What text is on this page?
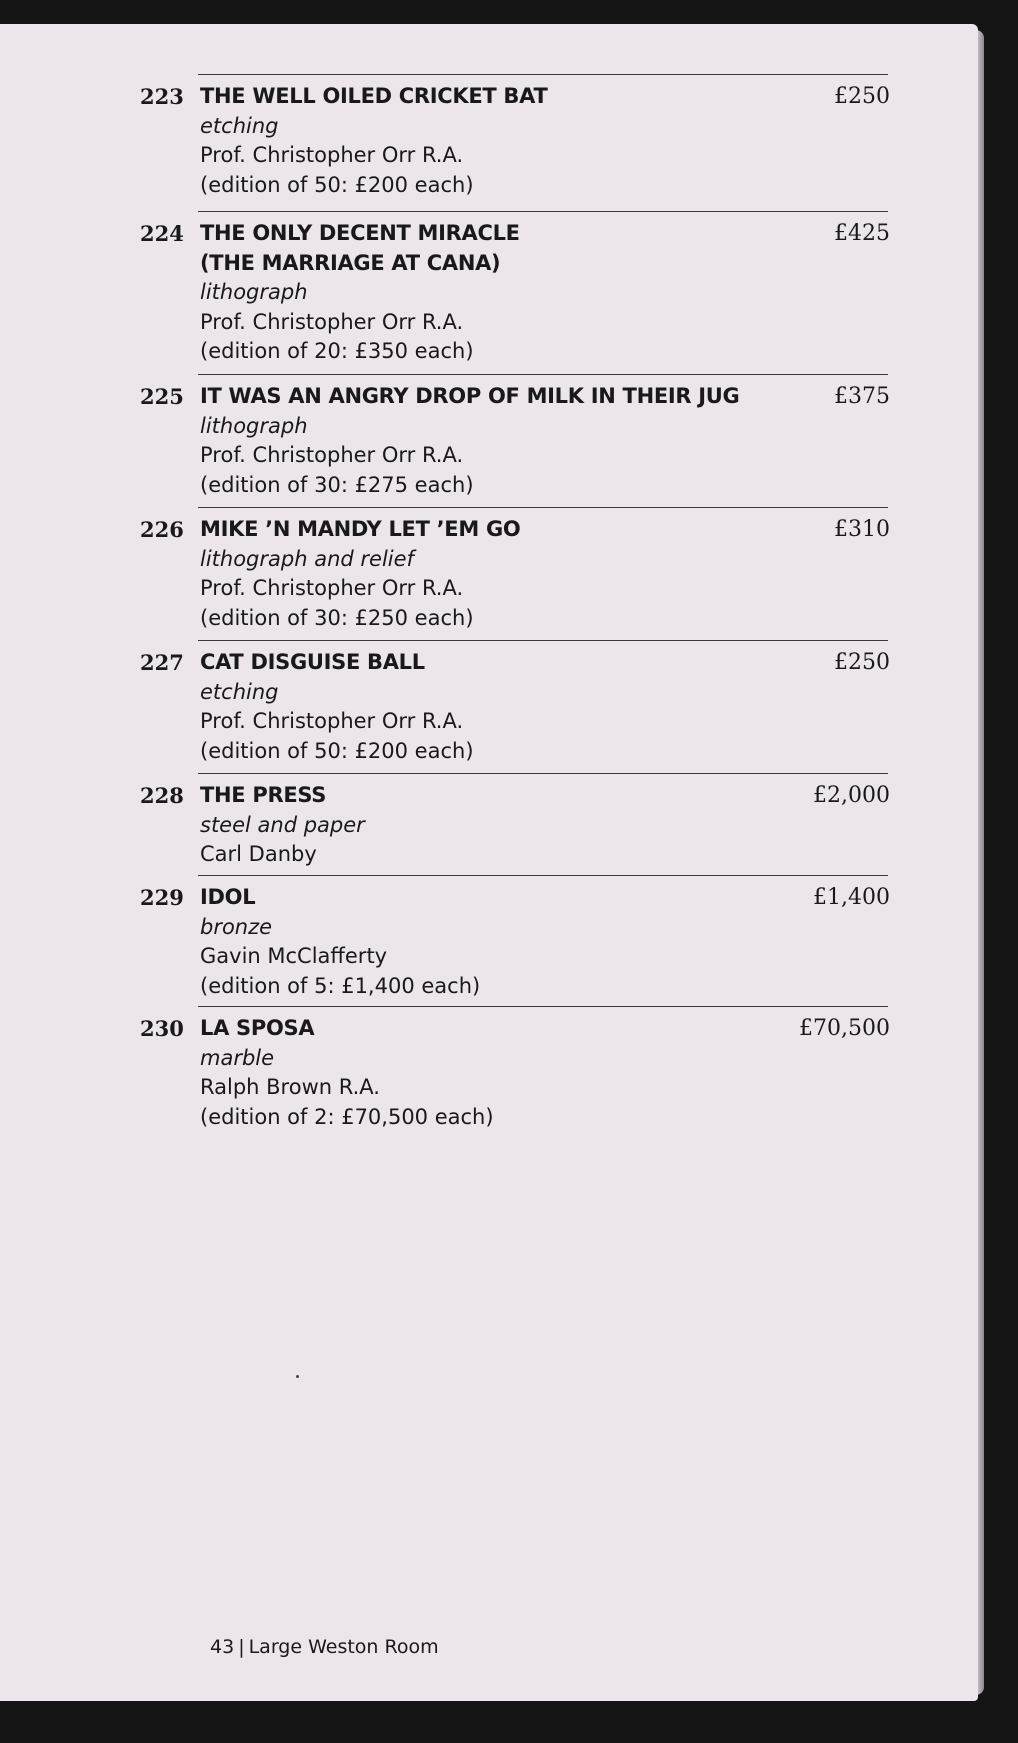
223 THE WELL OILED CRICKET BAT
etching
Prof. Christopher Orr R.A.
(edition of 50: £200 each)
£250
224 THE ONLY DECENT MIRACLE
(THE MARRIAGE AT CANA)
lithograph
Prof. Christopher Orr R.A.
(edition of 20: £350 each)
£425
225 IT WAS AN ANGRY DROP OF MILK IN THEIR JUG
lithograph
Prof. Christopher Orr R.A.
(edition of 30: £275 each)
£375
226 MIKE ’N MANDY LET ’EM GO
lithograph and relief
Prof. Christopher Orr R.A.
(edition of 30: £250 each)
£310
227 CAT DISGUISE BALL
etching
Prof. Christopher Orr R.A.
(edition of 50: £200 each)
£250
228 THE PRESS
steel and paper
Carl Danby
£2,000
229 IDOL
bronze
Gavin McClafferty
(edition of 5: £1,400 each)
£1,400
230 LA SPOSA
marble
Ralph Brown R.A.
(edition of 2: £70,500 each)
£70,500
43 | Large Weston Room
